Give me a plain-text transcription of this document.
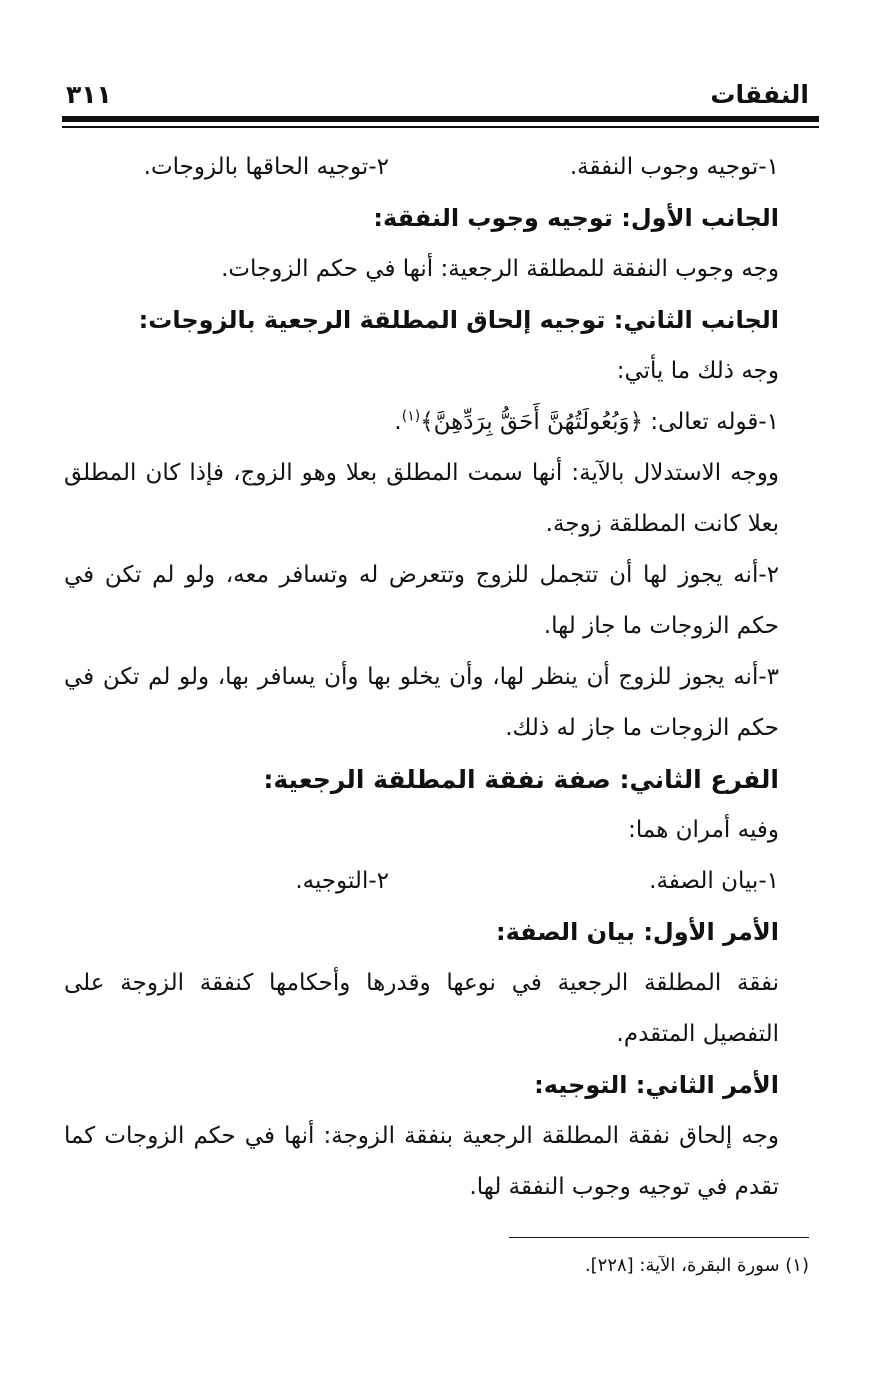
النفقات
٣١١
١-توجيه وجوب النفقة.
٢-توجيه الحاقها بالزوجات.
الجانب الأول: توجيه وجوب النفقة:
وجه وجوب النفقة للمطلقة الرجعية: أنها في حكم الزوجات.
الجانب الثاني: توجيه إلحاق المطلقة الرجعية بالزوجات:
وجه ذلك ما يأتي:
١-قوله تعالى: ﴿وَبُعُولَتُهُنَّ أَحَقُّ بِرَدِّهِنَّ﴾$^{(١)}$.
ووجه الاستدلال بالآية: أنها سمت المطلق بعلا وهو الزوج، فإذا كان المطلق بعلا كانت المطلقة زوجة.
٢-أنه يجوز لها أن تتجمل للزوج وتتعرض له وتسافر معه، ولو لم تكن في حكم الزوجات ما جاز لها.
٣-أنه يجوز للزوج أن ينظر لها، وأن يخلو بها وأن يسافر بها، ولو لم تكن في حكم الزوجات ما جاز له ذلك.
الفرع الثاني: صفة نفقة المطلقة الرجعية:
وفيه أمران هما:
١-بيان الصفة.
٢-التوجيه.
الأمر الأول: بيان الصفة:
نفقة المطلقة الرجعية في نوعها وقدرها وأحكامها كنفقة الزوجة على التفصيل المتقدم.
الأمر الثاني: التوجيه:
وجه إلحاق نفقة المطلقة الرجعية بنفقة الزوجة: أنها في حكم الزوجات كما تقدم في توجيه وجوب النفقة لها.
(١) سورة البقرة، الآية: [٢٢٨].
